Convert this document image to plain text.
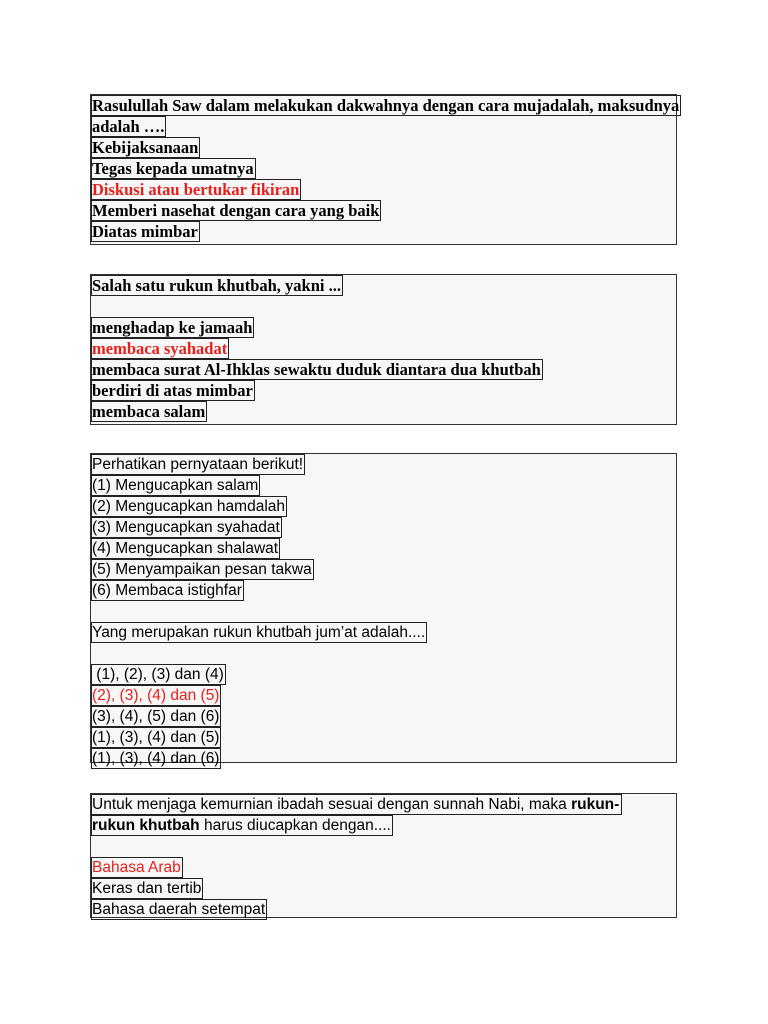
Rasulullah Saw dalam melakukan dakwahnya dengan cara mujadalah, maksudnya
adalah ….
Kebijaksanaan
Tegas kepada umatnya
Diskusi atau bertukar fikiran
Memberi nasehat dengan cara yang baik
Diatas mimbar
Salah satu rukun khutbah, yakni ...
menghadap ke jamaah
membaca syahadat
membaca surat Al-Ihklas sewaktu duduk diantara dua khutbah
berdiri di atas mimbar
membaca salam
Perhatikan pernyataan berikut!
(1) Mengucapkan salam
(2) Mengucapkan hamdalah
(3) Mengucapkan syahadat
(4) Mengucapkan shalawat
(5) Menyampaikan pesan takwa
(6) Membaca istighfar
Yang merupakan rukun khutbah jum’at adalah....
(1), (2), (3) dan (4)
(2), (3), (4) dan (5)
(3), (4), (5) dan (6)
(1), (3), (4) dan (5)
(1), (3), (4) dan (6)
Untuk menjaga kemurnian ibadah sesuai dengan sunnah Nabi, maka rukun-
rukun khutbah harus diucapkan dengan....
Bahasa Arab
Keras dan tertib
Bahasa daerah setempat
